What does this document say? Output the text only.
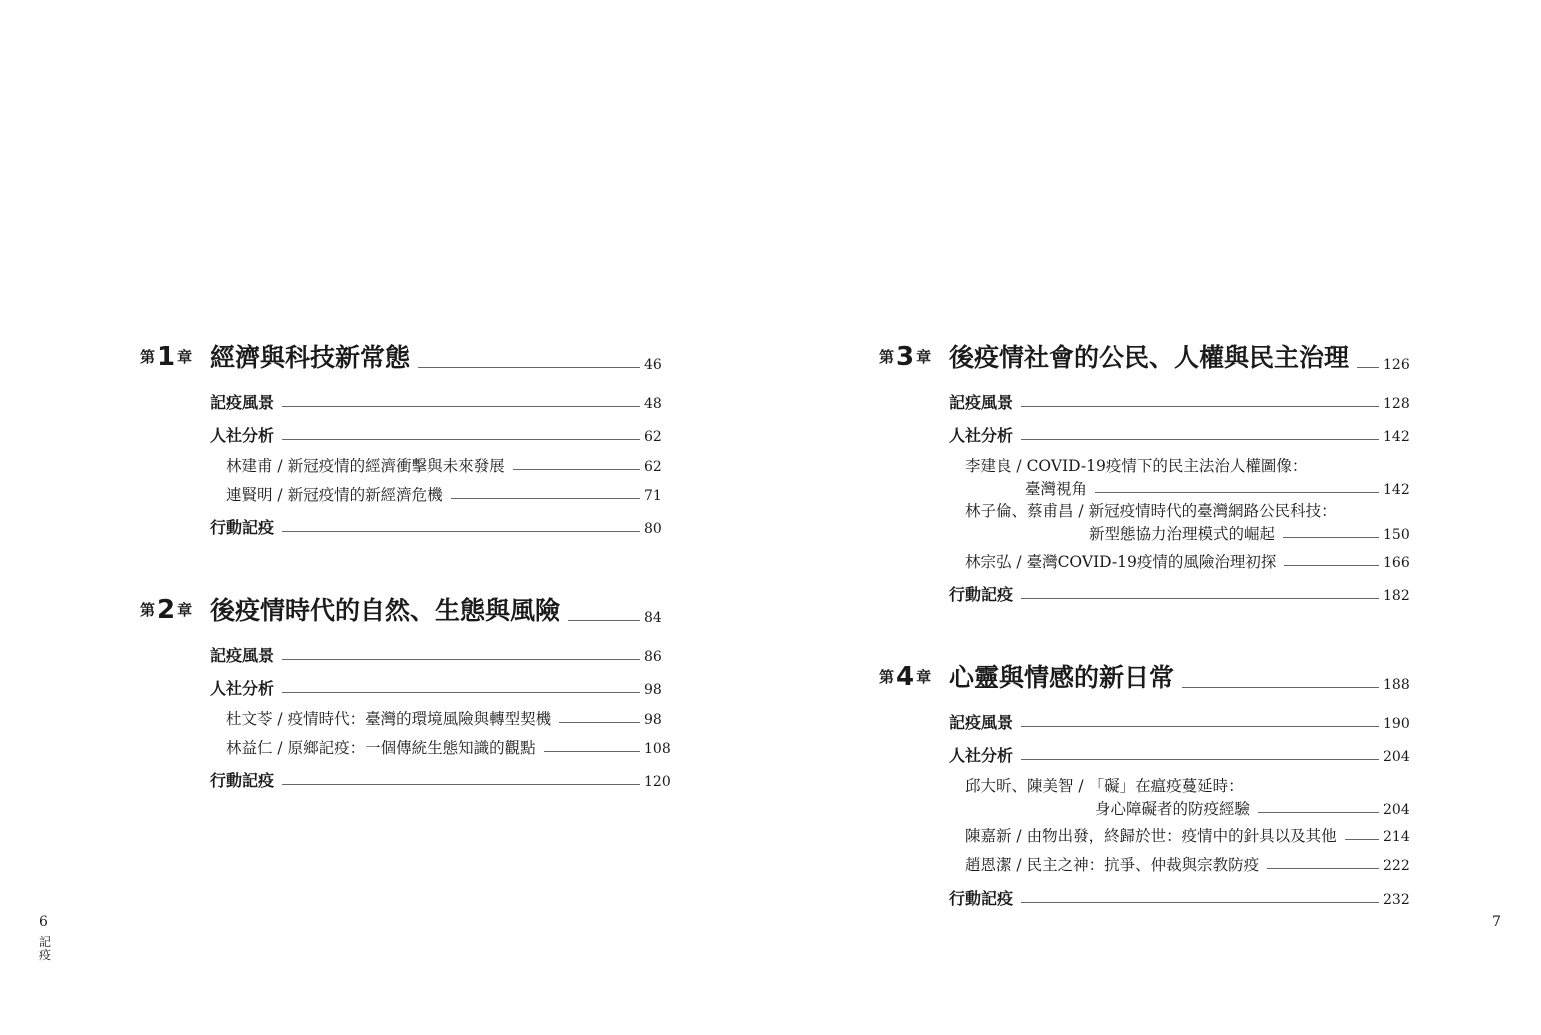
第1 章 經濟與科技新常態	46
記疫風景	48
人社分析	62
林建甫 / 新冠疫情的經濟衝擊與未來發展	62
連賢明 / 新冠疫情的新經濟危機	71
行動記疫	80
第2 章 後疫情時代的自然、生態與風險	84
記疫風景	86
人社分析	98
杜文苓 / 疫情時代：臺灣的環境風險與轉型契機	98
林益仁 / 原鄉記疫：一個傳統生態知識的觀點	108
行動記疫	120
6
記疫
第3 章 後疫情社會的公民、人權與民主治理 126
記疫風景	128
人社分析	142
李建良 / COVID-19疫情下的民主法治人權圖像：
臺灣視角	142
林子倫、蔡甫昌 / 新冠疫情時代的臺灣網路公民科技：
新型態協力治理模式的崛起	150
林宗弘 / 臺灣COVID-19疫情的風險治理初探	166
行動記疫	182
第4 章 心靈與情感的新日常	188
記疫風景	190
人社分析	204
邱大昕、陳美智 / 「礙」在瘟疫蔓延時：
身心障礙者的防疫經驗	204
陳嘉新 / 由物出發，終歸於世：疫情中的針具以及其他	214
趙恩潔 / 民主之神：抗爭、仲裁與宗教防疫	222
行動記疫	232
7
